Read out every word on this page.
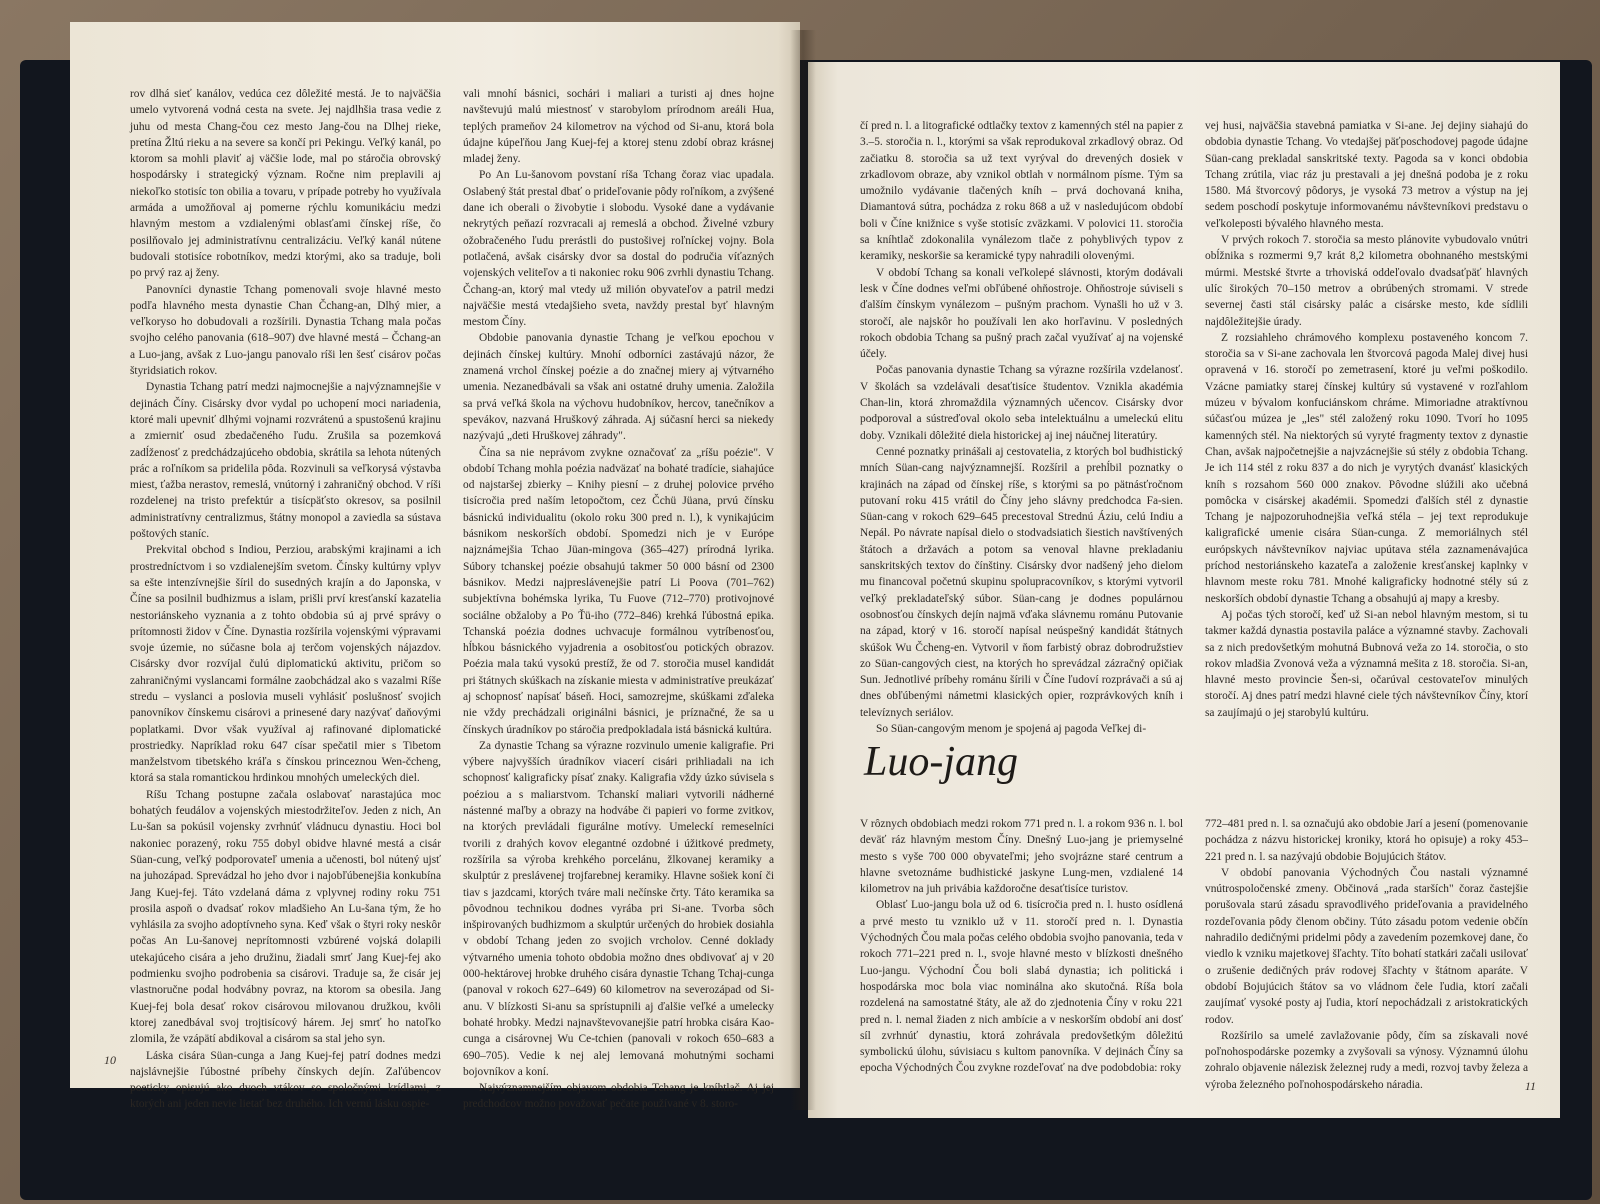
rov dlhá sieť kanálov, vedúca cez dôležité mestá. Je to najväčšia umelo vytvorená vodná cesta na svete. Jej najdlhšia trasa vedie z juhu od mesta Chang-čou cez mesto Jang-čou na Dlhej rieke, pretína Žltú rieku a na severe sa končí pri Pekingu. Veľký kanál, po ktorom sa mohli plaviť aj väčšie lode, mal po stáročia obrovský hospodársky i strategický význam. Ročne nim preplavili aj niekoľko stotisíc ton obilia a tovaru, v prípade potreby ho využívala armáda a umožňoval aj pomerne rýchlu komunikáciu medzi hlavným mestom a vzdialenými oblasťami čínskej ríše, čo posilňovalo jej administratívnu centralizáciu. Veľký kanál nútene budovali stotisíce robotníkov, medzi ktorými, ako sa traduje, boli po prvý raz aj ženy.

Panovníci dynastie Tchang pomenovali svoje hlavné mesto podľa hlavného mesta dynastie Chan Čchang-an, Dlhý mier, a veľkoryso ho dobudovali a rozšírili. Dynastia Tchang mala počas svojho celého panovania (618–907) dve hlavné mestá – Čchang-an a Luo-jang, avšak z Luo-jangu panovalo ríši len šesť cisárov počas štyridsiatich rokov.

Dynastia Tchang patrí medzi najmocnejšie a najvýznamnejšie v dejinách Číny. Cisársky dvor vydal po uchopení moci nariadenia, ktoré mali upevniť dlhými vojnami rozvrátenú a spustošenú krajinu a zmierniť osud zbedačeného ľudu. Zrušila sa pozemková zadĺženosť z predchádzajúceho obdobia, skrátila sa lehota nútených prác a roľníkom sa pridelila pôda. Rozvinuli sa veľkorysá výstavba miest, ťažba nerastov, remeslá, vnútorný i zahraničný obchod. V ríši rozdelenej na tristo prefektúr a tisícpäťsto okresov, sa posilnil administratívny centralizmus, štátny monopol a zaviedla sa sústava poštových staníc.

Prekvital obchod s Indiou, Perziou, arabskými krajinami a ich prostredníctvom i so vzdialenejším svetom. Čínsky kultúrny vplyv sa ešte intenzívnejšie šíril do susedných krajín a do Japonska, v Číne sa posilnil budhizmus a islam, prišli prví kresťanskí kazatelia nestoriánskeho vyznania a z tohto obdobia sú aj prvé správy o prítomnosti židov v Číne. Dynastia rozšírila vojenskými výpravami svoje územie, no súčasne bola aj terčom vojenských nájazdov. Cisársky dvor rozvíjal čulú diplomatickú aktivitu, pričom so zahraničnými vyslancami formálne zaobchádzal ako s vazalmi Ríše stredu – vyslanci a poslovia museli vyhlásiť poslušnosť svojich panovníkov čínskemu cisárovi a prinesené dary nazývať daňovými poplatkami. Dvor však využíval aj rafinované diplomatické prostriedky. Napríklad roku 647 císar spečatil mier s Tibetom manželstvom tibetského kráľa s čínskou princeznou Wen-čcheng, ktorá sa stala romantickou hrdinkou mnohých umeleckých diel.

Ríšu Tchang postupne začala oslabovať narastajúca moc bohatých feudálov a vojenských miestodržiteľov. Jeden z nich, An Lu-šan sa pokúsil vojensky zvrhnúť vládnucu dynastiu. Hoci bol nakoniec porazený, roku 755 dobyl obidve hlavné mestá a cisár Süan-cung, veľký podporovateľ umenia a učenosti, bol nútený ujsť na juhozápad. Sprevádzal ho jeho dvor i najobľúbenejšia konkubína Jang Kuej-fej. Táto vzdelaná dáma z vplyvnej rodiny roku 751 prosila aspoň o dvadsať rokov mladšieho An Lu-šana tým, že ho vyhlásila za svojho adoptívneho syna. Keď však o štyri roky neskôr počas An Lu-šanovej neprítomnosti vzbúrené vojská dolapili utekajúceho cisára a jeho družinu, žiadali smrť Jang Kuej-fej ako podmienku svojho podrobenia sa cisárovi. Traduje sa, že cisár jej vlastnoručne podal hodvábny povraz, na ktorom sa obesila. Jang Kuej-fej bola desať rokov cisárovou milovanou družkou, kvôli ktorej zanedbával svoj trojtisícový hárem. Jej smrť ho natoľko zlomila, že vzápätí abdikoval a cisárom sa stal jeho syn.

Láska cisára Süan-cunga a Jang Kuej-fej patrí dodnes medzi najslávnejšie ľúbostné príbehy čínskych dejín. Zaľúbencov poeticky opisujú ako dvoch vtákov so spoločnými krídlami, z ktorých ani jeden nevie lietať bez druhého. Ich vernú lásku ospie-

vali mnohí básnici, sochári i maliari a turisti aj dnes hojne navštevujú malú miestnosť v starobylom prírodnom areáli Hua, teplých prameňov 24 kilometrov na východ od Si-anu, ktorá bola údajne kúpeľňou Jang Kuej-fej a ktorej stenu zdobí obraz krásnej mladej ženy.

Po An Lu-šanovom povstaní ríša Tchang čoraz viac upadala. Oslabený štát prestal dbať o prideľovanie pôdy roľníkom, a zvýšené dane ich oberali o živobytie i slobodu. Vysoké dane a vydávanie nekrytých peňazí rozvracali aj remeslá a obchod. Živelné vzbury ožobračeného ľudu prerástli do pustošivej roľníckej vojny. Bola potlačená, avšak cisársky dvor sa dostal do područia víťazných vojenských veliteľov a ti nakoniec roku 906 zvrhli dynastiu Tchang. Čchang-an, ktorý mal vtedy už milión obyvateľov a patril medzi najväčšie mestá vtedajšieho sveta, navždy prestal byť hlavným mestom Číny.

Obdobie panovania dynastie Tchang je veľkou epochou v dejinách čínskej kultúry. Mnohí odborníci zastávajú názor, že znamená vrchol čínskej poézie a do značnej miery aj výtvarného umenia. Nezanedbávali sa však ani ostatné druhy umenia. Založila sa prvá veľká škola na výchovu hudobníkov, hercov, tanečníkov a spevákov, nazvaná Hruškový záhrada. Aj súčasní herci sa niekedy nazývajú „deti Hruškovej záhrady".

Čína sa nie neprávom zvykne označovať za „ríšu poézie". V období Tchang mohla poézia nadväzať na bohaté tradície, siahajúce od najstaršej zbierky – Knihy piesní – z druhej polovice prvého tisícročia pred naším letopočtom, cez Čchü Jüana, prvú čínsku básnickú individualitu (okolo roku 300 pred n. l.), k vynikajúcim básnikom neskorších období. Spomedzi nich je v Európe najznámejšia Tchao Jüan-mingova (365–427) prírodná lyrika. Súbory tchanskej poézie obsahujú takmer 50 000 básní od 2300 básnikov. Medzi najpreslávenejšie patrí Li Poova (701–762) subjektívna bohémska lyrika, Tu Fuove (712–770) protivojnové sociálne obžaloby a Po Ťü-iho (772–846) krehká ľúbostná epika. Tchanská poézia dodnes uchvacuje formálnou vytríbenosťou, hĺbkou básnického vyjadrenia a osobitosťou potických obrazov. Poézia mala takú vysokú prestíž, že od 7. storočia musel kandidát pri štátnych skúškach na získanie miesta v administratíve preukázať aj schopnosť napísať báseň. Hoci, samozrejme, skúškami zďaleka nie vždy prechádzali originálni básnici, je príznačné, že sa u čínskych úradníkov po stáročia predpokladala istá básnická kultúra.

Za dynastie Tchang sa výrazne rozvinulo umenie kaligrafie. Pri výbere najvyšších úradníkov viacerí cisári prihliadali na ich schopnosť kaligraficky písať znaky. Kaligrafia vždy úzko súvisela s poéziou a s maliarstvom. Tchanskí maliari vytvorili nádherné nástenné maľby a obrazy na hodvábe či papieri vo forme zvitkov, na ktorých prevládali figurálne motívy. Umeleckí remeselníci tvorili z drahých kovov elegantné ozdobné i úžitkové predmety, rozšírila sa výroba krehkého porcelánu, žlkovanej keramiky a skulptúr z preslávenej trojfarebnej keramiky. Hlavne sošiek koní či tiav s jazdcami, ktorých tváre mali nečínske črty. Táto keramika sa pôvodnou technikou dodnes vyrába pri Si-ane. Tvorba sôch inšpirovaných budhizmom a skulptúr určených do hrobiek dosiahla v období Tchang jeden zo svojich vrcholov. Cenné doklady výtvarného umenia tohoto obdobia možno dnes obdivovať aj v 20 000-hektárovej hrobke druhého cisára dynastie Tchang Tchaj-cunga (panoval v rokoch 627–649) 60 kilometrov na severozápad od Si-anu. V blízkosti Si-anu sa sprístupnili aj ďalšie veľké a umelecky bohaté hrobky. Medzi najnavštevovanejšie patrí hrobka cisára Kao-cunga a cisárovnej Wu Ce-tchien (panovali v rokoch 650–683 a 690–705). Vedie k nej alej lemovaná mohutnými sochami bojovníkov a koní.

Najvýznamnejším objavom obdobia Tchang je kníhtlač. Aj jej predchodcov možno považovať pečate používané v 8. storo-

10

čí pred n. l. a litografické odtlačky textov z kamenných stél na papier z 3.–5. storočia n. l., ktorými sa však reprodukoval zrkadlový obraz. Od začiatku 8. storočia sa už text vyrýval do drevených dosiek v zrkadlovom obraze, aby vznikol obtlah v normálnom písme. Tým sa umožnilo vydávanie tlačených kníh – prvá dochovaná kniha, Diamantová sútra, pochádza z roku 868 a už v nasledujúcom období boli v Číne knižnice s vyše stotisíc zväzkami. V polovici 11. storočia sa kníhtlač zdokonalila vynálezom tlače z pohyblivých typov z keramiky, neskoršie sa keramické typy nahradili olovenými.

V období Tchang sa konali veľkolepé slávnosti, ktorým dodávali lesk v Číne dodnes veľmi obľúbené ohňostroje. Ohňostroje súviseli s ďalším čínskym vynálezom – pušným prachom. Vynašli ho už v 3. storočí, ale najskôr ho používali len ako horľavinu. V posledných rokoch obdobia Tchang sa pušný prach začal využívať aj na vojenské účely.

Počas panovania dynastie Tchang sa výrazne rozšírila vzdelanosť. V školách sa vzdelávali desaťtisíce študentov. Vznikla akadémia Chan-lin, ktorá zhromaždila významných učencov. Cisársky dvor podporoval a sústreďoval okolo seba intelektuálnu a umeleckú elitu doby. Vznikali dôležité diela historickej aj inej náučnej literatúry.

Cenné poznatky prinášali aj cestovatelia, z ktorých bol budhistický mních Süan-cang najvýznamnejší. Rozšíril a prehĺbil poznatky o krajinách na západ od čínskej ríše, s ktorými sa po pätnásťročnom putovaní roku 415 vrátil do Číny jeho slávny predchodca Fa-sien. Süan-cang v rokoch 629–645 precestoval Strednú Áziu, celú Indiu a Nepál. Po návrate napísal dielo o stodvadsiatich šiestich navštívených štátoch a državách a potom sa venoval hlavne prekladaniu sanskritských textov do čínštiny. Cisársky dvor nadšený jeho dielom mu financoval početnú skupinu spolupracovníkov, s ktorými vytvoril veľký prekladateľský súbor. Süan-cang je dodnes populárnou osobnosťou čínskych dejín najmä vďaka slávnemu románu Putovanie na západ, ktorý v 16. storočí napísal neúspešný kandidát štátnych skúšok Wu Čcheng-en. Vytvoril v ňom farbistý obraz dobrodružstiev zo Süan-cangových ciest, na ktorých ho sprevádzal zázračný opičiak Sun. Jednotlivé príbehy románu šírili v Číne ľudoví rozprávači a sú aj dnes obľúbenými námetmi klasických opier, rozprávkových kníh i televíznych seriálov.

So Süan-cangovým menom je spojená aj pagoda Veľkej di-

vej husi, najväčšia stavebná pamiatka v Si-ane. Jej dejiny siahajú do obdobia dynastie Tchang. Vo vtedajšej päťposchodovej pagode údajne Süan-cang prekladal sanskritské texty. Pagoda sa v konci obdobia Tchang zrútila, viac ráz ju prestavali a jej dnešná podoba je z roku 1580. Má štvorcový pôdorys, je vysoká 73 metrov a výstup na jej sedem poschodí poskytuje informovanému návštevníkovi predstavu o veľkoleposti bývalého hlavného mesta.

V prvých rokoch 7. storočia sa mesto plánovite vybudovalo vnútri obĺžnika s rozmermi 9,7 krát 8,2 kilometra obohnaného mestskými múrmi. Mestské štvrte a trhoviská oddeľovalo dvadsaťpäť hlavných ulíc širokých 70–150 metrov a obrúbených stromami. V strede severnej časti stál cisársky palác a cisárske mesto, kde sídlili najdôležitejšie úrady.

Z rozsiahleho chrámového komplexu postaveného koncom 7. storočia sa v Si-ane zachovala len štvorcová pagoda Malej divej husi opravená v 16. storočí po zemetrasení, ktoré ju veľmi poškodilo. Vzácne pamiatky starej čínskej kultúry sú vystavené v rozľahlom múzeu v bývalom konfuciánskom chráme. Mimoriadne atraktívnou súčasťou múzea je „les" stél založený roku 1090. Tvorí ho 1095 kamenných stél. Na niektorých sú vyryté fragmenty textov z dynastie Chan, avšak najpočetnejšie a najvzácnejšie sú stély z obdobia Tchang. Je ich 114 stél z roku 837 a do nich je vyrytých dvanásť klasických kníh s rozsahom 560 000 znakov. Pôvodne slúžili ako učebná pomôcka v cisárskej akadémii. Spomedzi ďalších stél z dynastie Tchang je najpozoruhodnejšia veľká stéla – jej text reprodukuje kaligrafické umenie cisára Süan-cunga. Z memoriálnych stél európskych návštevníkov najviac upútava stéla zaznamenávajúca príchod nestoriánskeho kazateľa a založenie kresťanskej kaplnky v hlavnom meste roku 781. Mnohé kaligraficky hodnotné stély sú z neskorších období dynastie Tchang a obsahujú aj mapy a kresby.

Aj počas tých storočí, keď už Si-an nebol hlavným mestom, si tu takmer každá dynastia postavila paláce a významné stavby. Zachovali sa z nich predovšetkým mohutná Bubnová veža zo 14. storočia, o sto rokov mladšia Zvonová veža a významná mešita z 18. storočia. Si-an, hlavné mesto provincie Šen-si, očarúval cestovateľov minulých storočí. Aj dnes patrí medzi hlavné ciele tých návštevníkov Číny, ktorí sa zaujímajú o jej starobylú kultúru.

Luo-jang

V rôznych obdobiach medzi rokom 771 pred n. l. a rokom 936 n. l. bol deväť ráz hlavným mestom Číny. Dnešný Luo-jang je priemyselné mesto s vyše 700 000 obyvateľmi; jeho svojrázne staré centrum a hlavne svetoznáme budhistické jaskyne Lung-men, vzdialené 14 kilometrov na juh privábia každoročne desaťtisíce turistov.

Oblasť Luo-jangu bola už od 6. tisícročia pred n. l. husto osídlená a prvé mesto tu vzniklo už v 11. storočí pred n. l. Dynastia Východných Čou mala počas celého obdobia svojho panovania, teda v rokoch 771–221 pred n. l., svoje hlavné mesto v blízkosti dnešného Luo-jangu. Východní Čou boli slabá dynastia; ich politická i hospodárska moc bola viac nominálna ako skutočná. Ríša bola rozdelená na samostatné štáty, ale až do zjednotenia Číny v roku 221 pred n. l. nemal žiaden z nich ambície a v neskorším období ani dosť síl zvrhnúť dynastiu, ktorá zohrávala predovšetkým dôležitú symbolickú úlohu, súvisiacu s kultom panovníka. V dejinách Číny sa epocha Východných Čou zvykne rozdeľovať na dve podobdobia: roky

772–481 pred n. l. sa označujú ako obdobie Jarí a jesení (pomenovanie pochádza z názvu historickej kroniky, ktorá ho opisuje) a roky 453–221 pred n. l. sa nazývajú obdobie Bojujúcich štátov.

V období panovania Východných Čou nastali významné vnútrospoločenské zmeny. Občinová „rada starších" čoraz častejšie porušovala starú zásadu spravodlivého prideľovania a pravidelného rozdeľovania pôdy členom občiny. Túto zásadu potom vedenie občín nahradilo dedičnými pridelmi pôdy a zavedením pozemkovej dane, čo viedlo k vzniku majetkovej šľachty. Títo bohatí statkári začali usilovať o zrušenie dedičných práv rodovej šľachty v štátnom aparáte. V období Bojujúcich štátov sa vo vládnom čele ľudia, ktorí začali zaujímať vysoké posty aj ľudia, ktorí nepochádzali z aristokratických rodov.

Rozšírilo sa umelé zavlažovanie pôdy, čím sa získavali nové poľnohospodárske pozemky a zvyšovali sa výnosy. Významnú úlohu zohralo objavenie nálezisk železnej rudy a medi, rozvoj tavby železa a výroba železného poľnohospodárskeho náradia.	11
